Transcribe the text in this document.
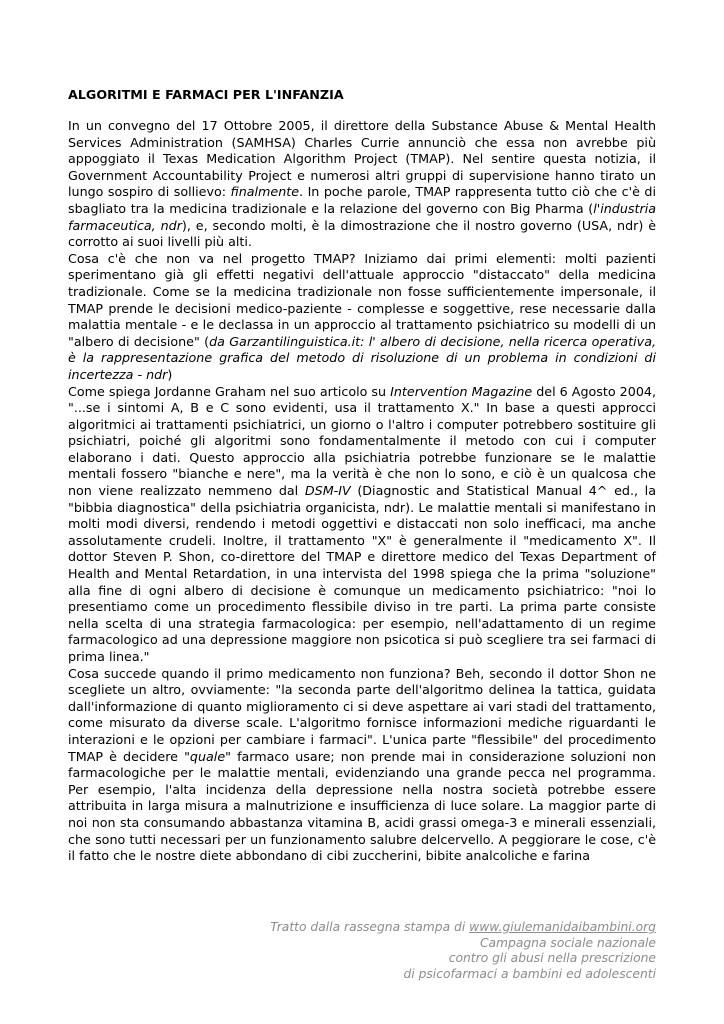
ALGORITMI E FARMACI PER L'INFANZIA

In un convegno del 17 Ottobre 2005, il direttore della Substance Abuse & Mental Health Services Administration (SAMHSA) Charles Currie annunciò che essa non avrebbe più appoggiato il Texas Medication Algorithm Project (TMAP). Nel sentire questa notizia, il Government Accountability Project e numerosi altri gruppi di supervisione hanno tirato un lungo sospiro di sollievo: finalmente. In poche parole, TMAP rappresenta tutto ciò che c'è di sbagliato tra la medicina tradizionale e la relazione del governo con Big Pharma (l'industria farmaceutica, ndr), e, secondo molti, è la dimostrazione che il nostro governo (USA, ndr) è corrotto ai suoi livelli più alti.

Cosa c'è che non va nel progetto TMAP? Iniziamo dai primi elementi: molti pazienti sperimentano già gli effetti negativi dell'attuale approccio "distaccato" della medicina tradizionale. Come se la medicina tradizionale non fosse sufficientemente impersonale, il TMAP prende le decisioni medico-paziente - complesse e soggettive, rese necessarie dalla malattia mentale - e le declassa in un approccio al trattamento psichiatrico su modelli di un "albero di decisione" (da Garzantilinguistica.it: l' albero di decisione, nella ricerca operativa, è la rappresentazione grafica del metodo di risoluzione di un problema in condizioni di incertezza - ndr)

Come spiega Jordanne Graham nel suo articolo su Intervention Magazine del 6 Agosto 2004, "...se i sintomi A, B e C sono evidenti, usa il trattamento X." In base a questi approcci algoritmici ai trattamenti psichiatrici, un giorno o l'altro i computer potrebbero sostituire gli psichiatri, poiché gli algoritmi sono fondamentalmente il metodo con cui i computer elaborano i dati. Questo approccio alla psichiatria potrebbe funzionare se le malattie mentali fossero "bianche e nere", ma la verità è che non lo sono, e ciò è un qualcosa che non viene realizzato nemmeno dal DSM-IV (Diagnostic and Statistical Manual 4^ ed., la "bibbia diagnostica" della psichiatria organicista, ndr). Le malattie mentali si manifestano in molti modi diversi, rendendo i metodi oggettivi e distaccati non solo inefficaci, ma anche assolutamente crudeli. Inoltre, il trattamento "X" è generalmente il "medicamento X". Il dottor Steven P. Shon, co-direttore del TMAP e direttore medico del Texas Department of Health and Mental Retardation, in una intervista del 1998 spiega che la prima "soluzione" alla fine di ogni albero di decisione è comunque un medicamento psichiatrico: "noi lo presentiamo come un procedimento flessibile diviso in tre parti. La prima parte consiste nella scelta di una strategia farmacologica: per esempio, nell'adattamento di un regime farmacologico ad una depressione maggiore non psicotica si può scegliere tra sei farmaci di prima linea."

Cosa succede quando il primo medicamento non funziona? Beh, secondo il dottor Shon ne scegliete un altro, ovviamente: "la seconda parte dell'algoritmo delinea la tattica, guidata dall'informazione di quanto miglioramento ci si deve aspettare ai vari stadi del trattamento, come misurato da diverse scale. L'algoritmo fornisce informazioni mediche riguardanti le interazioni e le opzioni per cambiare i farmaci". L'unica parte "flessibile" del procedimento TMAP è decidere "quale" farmaco usare; non prende mai in considerazione soluzioni non farmacologiche per le malattie mentali, evidenziando una grande pecca nel programma. Per esempio, l'alta incidenza della depressione nella nostra società potrebbe essere attribuita in larga misura a malnutrizione e insufficienza di luce solare. La maggior parte di noi non sta consumando abbastanza vitamina B, acidi grassi omega-3 e minerali essenziali, che sono tutti necessari per un funzionamento salubre delcervello. A peggiorare le cose, c'è il fatto che le nostre diete abbondano di cibi zuccherini, bibite analcoliche e farina

Tratto dalla rassegna stampa di www.giulemanidaibambini.org
Campagna sociale nazionale
contro gli abusi nella prescrizione
di psicofarmaci a bambini ed adolescenti
